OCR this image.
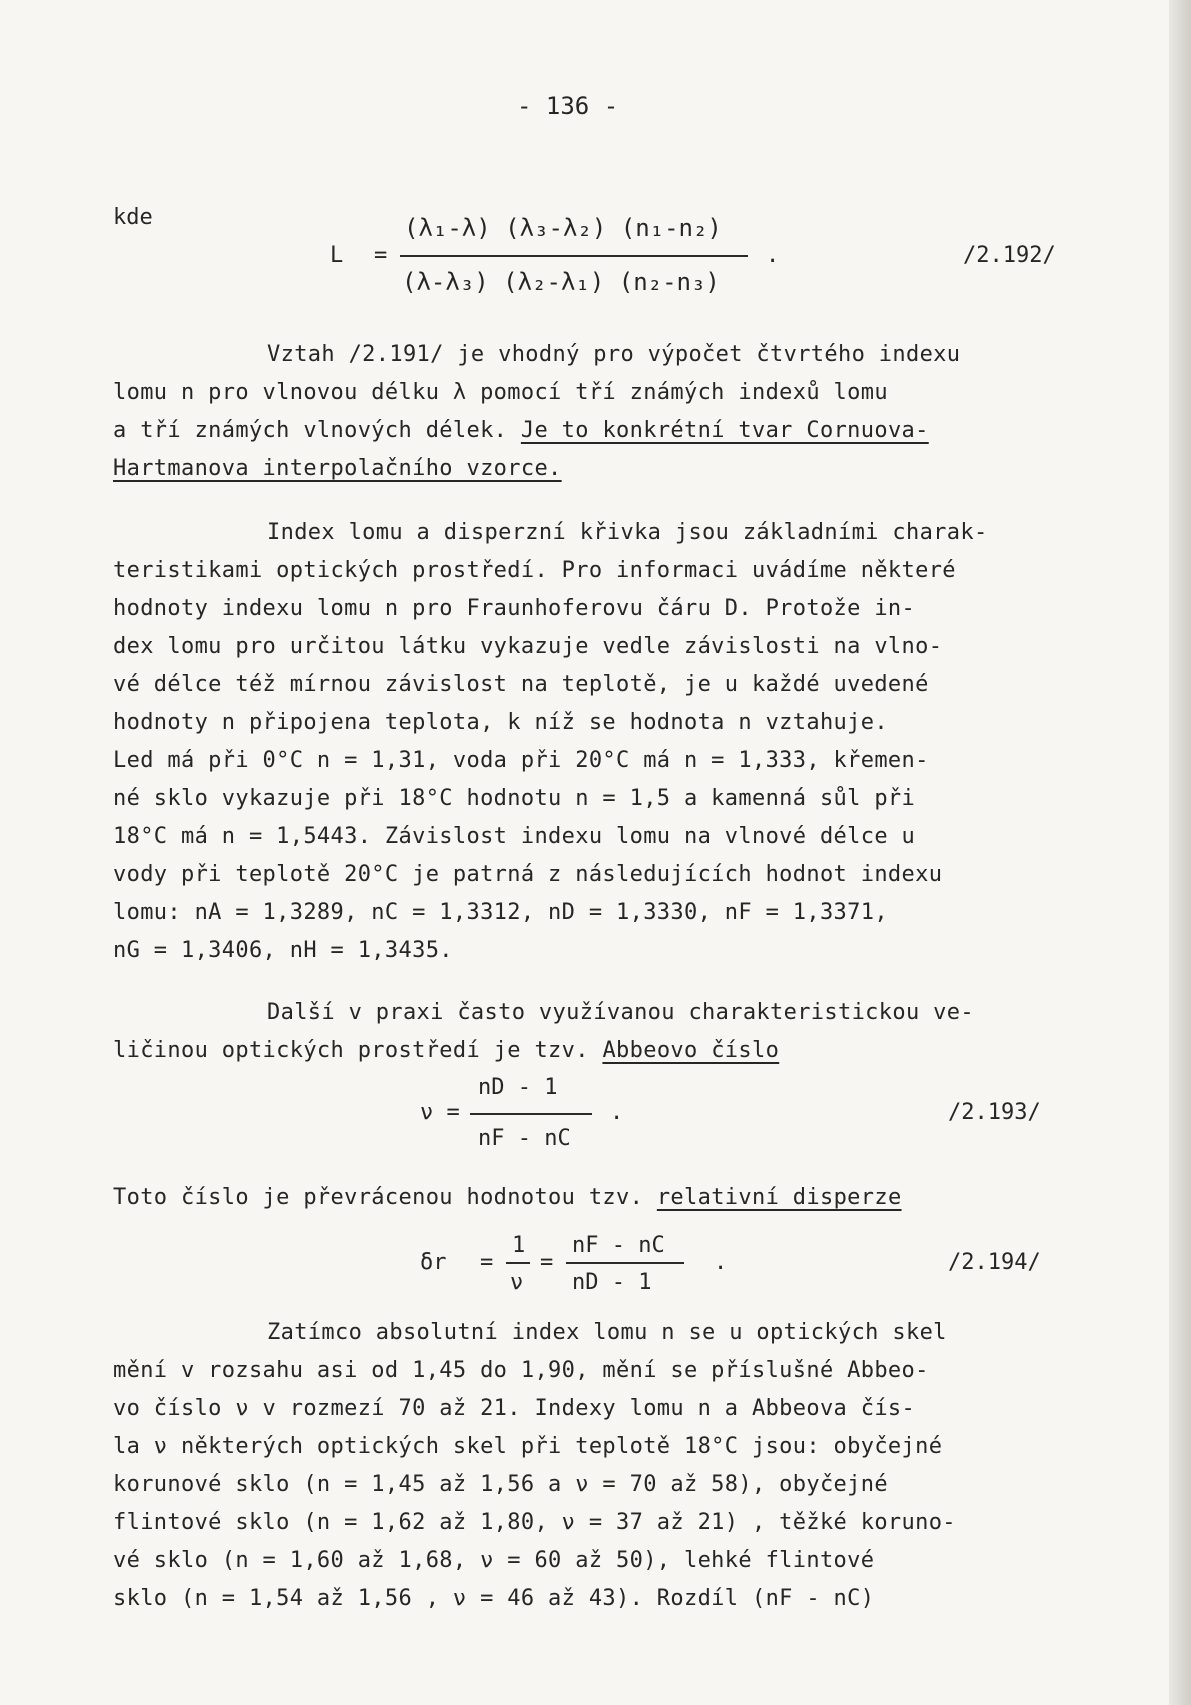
- 136 -
kde
L =
(λ₁-λ) (λ₃-λ₂) (n₁-n₂)
(λ-λ₃) (λ₂-λ₁) (n₂-n₃)
.	/2.192/
Vztah /2.191/ je vhodný pro výpočet čtvrtého indexu
lomu n pro vlnovou délku λ pomocí tří známých indexů lomu
a tří známých vlnových délek. Je to konkrétní tvar Cornuova-
Hartmanova interpolačního vzorce.
Index lomu a disperzní křivka jsou základními charak-
teristikami optických prostředí. Pro informaci uvádíme některé
hodnoty indexu lomu n pro Fraunhoferovu čáru D. Protože in-
dex lomu pro určitou látku vykazuje vedle závislosti na vlno-
vé délce též mírnou závislost na teplotě, je u každé uvedené
hodnoty n připojena teplota, k níž se hodnota n vztahuje.
Led má při 0°C n = 1,31, voda při 20°C má n = 1,333, křemen-
né sklo vykazuje při 18°C hodnotu n = 1,5 a kamenná sůl při
18°C má n = 1,5443. Závislost indexu lomu na vlnové délce u
vody při teplotě 20°C je patrná z následujících hodnot indexu
lomu: nA = 1,3289, nC = 1,3312, nD = 1,3330, nF = 1,3371,
nG = 1,3406, nH = 1,3435.
Další v praxi často využívanou charakteristickou ve-
ličinou optických prostředí je tzv. Abbeovo číslo
ν =
nD - 1
nF - nC
.	/2.193/
Toto číslo je převrácenou hodnotou tzv. relativní disperze
δr =
1
ν
=
nF - nC
nD - 1
.	/2.194/
Zatímco absolutní index lomu n se u optických skel
mění v rozsahu asi od 1,45 do 1,90, mění se příslušné Abbeo-
vo číslo ν v rozmezí 70 až 21. Indexy lomu n a Abbeova čís-
la ν některých optických skel při teplotě 18°C jsou: obyčejné
korunové sklo (n = 1,45 až 1,56 a ν = 70 až 58), obyčejné
flintové sklo (n = 1,62 až 1,80, ν = 37 až 21) , těžké koruno-
vé sklo (n = 1,60 až 1,68, ν = 60 až 50), lehké flintové
sklo (n = 1,54 až 1,56 , ν = 46 až 43). Rozdíl (nF - nC)
